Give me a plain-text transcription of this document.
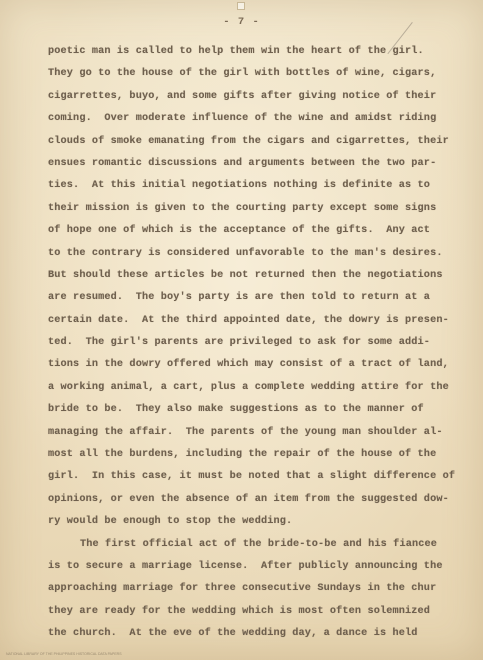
- 7 -
poetic man is called to help them win the heart of the girl.
They go to the house of the girl with bottles of wine, cigars,
cigarrettes, buyo, and some gifts after giving notice of their
coming.  Over moderate influence of the wine and amidst riding
clouds of smoke emanating from the cigars and cigarrettes, their
ensues romantic discussions and arguments between the two par-
ties.  At this initial negotiations nothing is definite as to
their mission is given to the courting party except some signs
of hope one of which is the acceptance of the gifts.  Any act
to the contrary is considered unfavorable to the man's desires.
But should these articles be not returned then the negotiations
are resumed.  The boy's party is are then told to return at a
certain date.  At the third appointed date, the dowry is presen-
ted.  The girl's parents are privileged to ask for some addi-
tions in the dowry offered which may consist of a tract of land,
a working animal, a cart, plus a complete wedding attire for the
bride to be.  They also make suggestions as to the manner of
managing the affair.  The parents of the young man shoulder al-
most all the burdens, including the repair of the house of the
girl.  In this case, it must be noted that a slight difference of
opinions, or even the absence of an item from the suggested dow-
ry would be enough to stop the wedding.
The first official act of the bride-to-be and his fiancee
is to secure a marriage license.  After publicly announcing the
approaching marriage for three consecutive Sundays in the chur
they are ready for the wedding which is most often solemnized
the church.  At the eve of the wedding day, a dance is held
NATIONAL LIBRARY OF THE PHILIPPINES HISTORICAL DATA PAPERS
